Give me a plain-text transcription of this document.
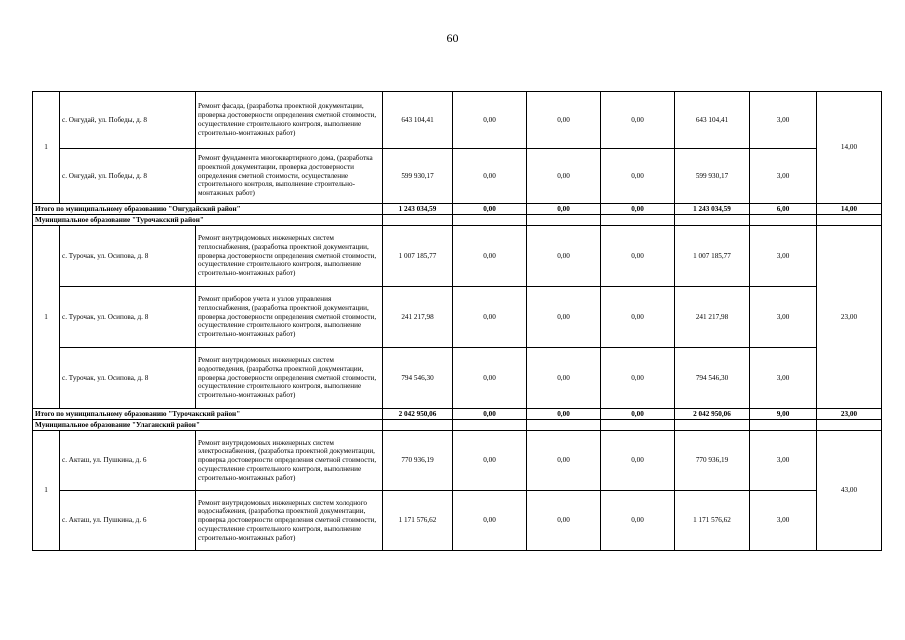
60
1	с. Онгудай, ул. Победы, д. 8	Ремонт фасада, (разработка проектной документации, проверка достоверности определения сметной стоимости, осуществление строительного контроля, выполнение строительно-монтажных работ)	643 104,41	0,00	0,00	0,00	643 104,41	3,00	14,00
	с. Онгудай, ул. Победы, д. 8	Ремонт фундамента многоквартирного дома, (разработка проектной документации, проверка достоверности определения сметной стоимости, осуществление строительного контроля, выполнение строительно-монтажных работ)	599 930,17	0,00	0,00	0,00	599 930,17	3,00	
Итого по муниципальному образованию "Онгудайский район"			1 243 034,59	0,00	0,00	0,00	1 243 034,59	6,00	14,00
Муниципальное образование "Турочакский район"									
1	с. Турочак, ул. Осипова, д. 8	Ремонт внутридомовых инженерных систем теплоснабжения, (разработка проектной документации, проверка достоверности определения сметной стоимости, осуществление строительного контроля, выполнение строительно-монтажных работ)	1 007 185,77	0,00	0,00	0,00	1 007 185,77	3,00	23,00
	с. Турочак, ул. Осипова, д. 8	Ремонт приборов учета и узлов управления теплоснабжения, (разработка проектной документации, проверка достоверности определения сметной стоимости, осуществление строительного контроля, выполнение строительно-монтажных работ)	241 217,98	0,00	0,00	0,00	241 217,98	3,00	
	с. Турочак, ул. Осипова, д. 8	Ремонт внутридомовых инженерных систем водоотведения, (разработка проектной документации, проверка достоверности определения сметной стоимости, осуществление строительного контроля, выполнение строительно-монтажных работ)	794 546,30	0,00	0,00	0,00	794 546,30	3,00	
Итого по муниципальному образованию "Турочакский район"			2 042 950,06	0,00	0,00	0,00	2 042 950,06	9,00	23,00
Муниципальное образование "Улаганский район"									
1	с. Акташ, ул. Пушкина, д. 6	Ремонт внутридомовых инженерных систем электроснабжения, (разработка проектной документации, проверка достоверности определения сметной стоимости, осуществление строительного контроля, выполнение строительно-монтажных работ)	770 936,19	0,00	0,00	0,00	770 936,19	3,00	43,00
	с. Акташ, ул. Пушкина, д. 6	Ремонт внутридомовых инженерных систем холодного водоснабжения, (разработка проектной документации, проверка достоверности определения сметной стоимости, осуществление строительного контроля, выполнение строительно-монтажных работ)	1 171 576,62	0,00	0,00	0,00	1 171 576,62	3,00	
